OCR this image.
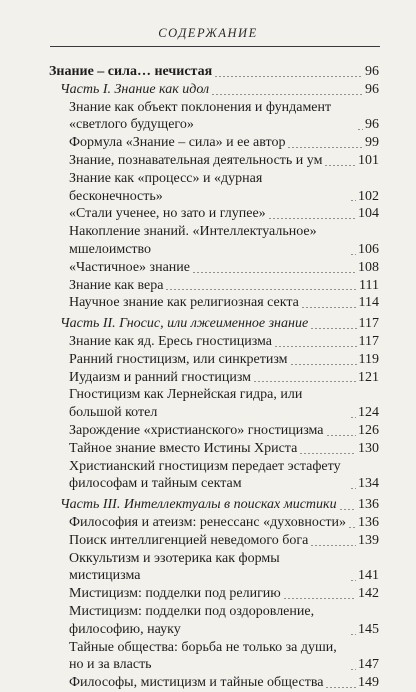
СОДЕРЖАНИЕ
Знание – сила… нечистая	96
Часть I. Знание как идол	96
Знание как объект поклонения и фундамент «светлого будущего»	96
Формула «Знание – сила» и ее автор	99
Знание, познавательная деятельность и ум	101
Знание как «процесс» и «дурная бесконечность»	102
«Стали ученее, но зато и глупее»	104
Накопление знаний. «Интеллектуальное» мшелоимство	106
«Частичное» знание	108
Знание как вера	111
Научное знание как религиозная секта	114
Часть II. Гносис, или лжеименное знание	117
Знание как яд. Ересь гностицизма	117
Ранний гностицизм, или синкретизм	119
Иудаизм и ранний гностицизм	121
Гностицизм как Лернейская гидра, или большой котел	124
Зарождение «христианского» гностицизма 126
Тайное знание вместо Истины Христа	130
Христианский гностицизм передает эстафету философам и тайным сектам	134
Часть III. Интеллектуалы в поисках мистики 136
Философия и атеизм: ренессанс «духовности» 136
Поиск интеллигенцией неведомого бога	139
Оккультизм и эзотерика как формы мистицизма	141
Мистицизм: подделки под религию	142
Мистицизм: подделки под оздоровление, философию, науку	145
Тайные общества: борьба не только за души, но и за власть	147
Философы, мистицизм и тайные общества 149
